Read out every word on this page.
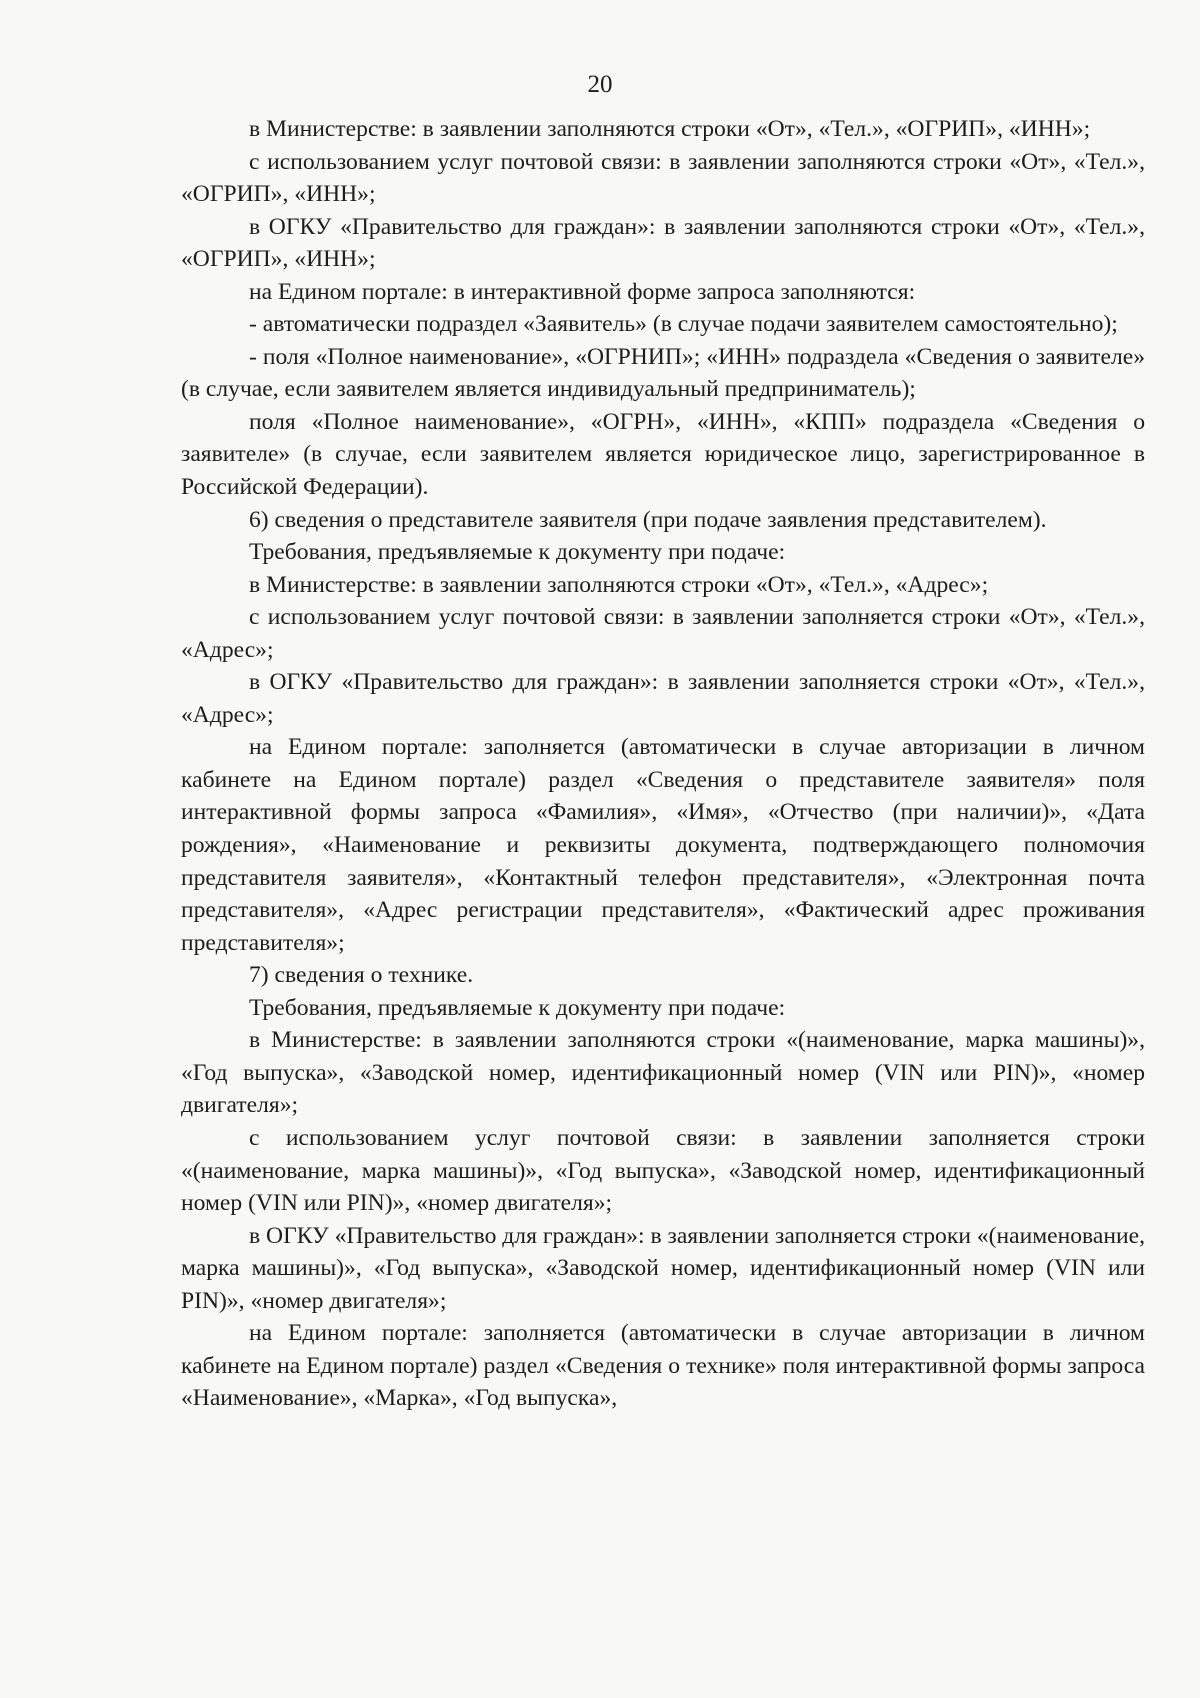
20

в Министерстве: в заявлении заполняются строки «От», «Тел.», «ОГРИП», «ИНН»;

с использованием услуг почтовой связи: в заявлении заполняются строки «От», «Тел.», «ОГРИП», «ИНН»;

в ОГКУ «Правительство для граждан»: в заявлении заполняются строки «От», «Тел.», «ОГРИП», «ИНН»;

на Едином портале: в интерактивной форме запроса заполняются:

- автоматически подраздел «Заявитель» (в случае подачи заявителем самостоятельно);

- поля «Полное наименование», «ОГРНИП»; «ИНН» подраздела «Сведения о заявителе» (в случае, если заявителем является индивидуальный предприниматель);

поля «Полное наименование», «ОГРН», «ИНН», «КПП» подраздела «Сведения о заявителе» (в случае, если заявителем является юридическое лицо, зарегистрированное в Российской Федерации).

6) сведения о представителе заявителя (при подаче заявления представителем).

Требования, предъявляемые к документу при подаче:

в Министерстве: в заявлении заполняются строки «От», «Тел.», «Адрес»;

с использованием услуг почтовой связи: в заявлении заполняется строки «От», «Тел.», «Адрес»;

в ОГКУ «Правительство для граждан»: в заявлении заполняется строки «От», «Тел.», «Адрес»;

на Едином портале: заполняется (автоматически в случае авторизации в личном кабинете на Едином портале) раздел «Сведения о представителе заявителя» поля интерактивной формы запроса «Фамилия», «Имя», «Отчество (при наличии)», «Дата рождения», «Наименование и реквизиты документа, подтверждающего полномочия представителя заявителя», «Контактный телефон представителя», «Электронная почта представителя», «Адрес регистрации представителя», «Фактический адрес проживания представителя»;

7) сведения о технике.

Требования, предъявляемые к документу при подаче:

в Министерстве: в заявлении заполняются строки «(наименование, марка машины)», «Год выпуска», «Заводской номер, идентификационный номер (VIN или PIN)», «номер двигателя»;

с использованием услуг почтовой связи: в заявлении заполняется строки «(наименование, марка машины)», «Год выпуска», «Заводской номер, идентификационный номер (VIN или PIN)», «номер двигателя»;

в ОГКУ «Правительство для граждан»: в заявлении заполняется строки «(наименование, марка машины)», «Год выпуска», «Заводской номер, идентификационный номер (VIN или PIN)», «номер двигателя»;

на Едином портале: заполняется (автоматически в случае авторизации в личном кабинете на Едином портале) раздел «Сведения о технике» поля интерактивной формы запроса «Наименование», «Марка», «Год выпуска»,
